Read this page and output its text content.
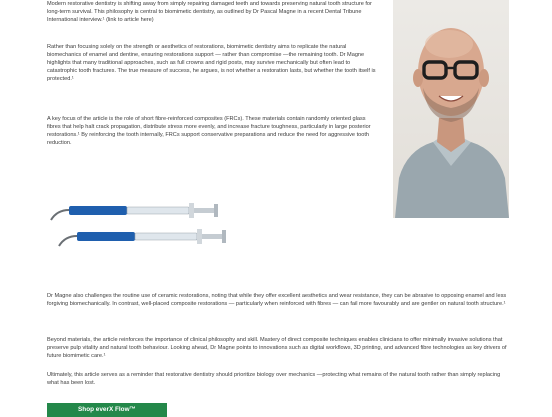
Modern restorative dentistry is shifting away from simply repairing damaged teeth and towards preserving natural tooth structure for long-term survival. This philosophy is central to biomimetic dentistry, as outlined by Dr Pascal Magne in a recent Dental Tribune International interview.¹ (link to article here)

Rather than focusing solely on the strength or aesthetics of restorations, biomimetic dentistry aims to replicate the natural biomechanics of enamel and dentine, ensuring restorations support — rather than compromise —the remaining tooth. Dr Magne highlights that many traditional approaches, such as full crowns and rigid posts, may survive mechanically but often lead to catastrophic tooth fractures. The true measure of success, he argues, is not whether a restoration lasts, but whether the tooth itself is protected.¹

A key focus of the article is the role of short fibre-reinforced composites (FRCs). These materials contain randomly oriented glass fibres that help halt crack propagation, distribute stress more evenly, and increase fracture toughness, particularly in large posterior restorations.¹ By reinforcing the tooth internally, FRCs support conservative preparations and reduce the need for aggressive tooth reduction.

Dr Magne also challenges the routine use of ceramic restorations, noting that while they offer excellent aesthetics and wear resistance, they can be abrasive to opposing enamel and less forgiving biomechanically. In contrast, well-placed composite restorations — particularly when reinforced with fibres — can fail more favourably and are gentler on natural tooth structure.¹

Beyond materials, the article reinforces the importance of clinical philosophy and skill. Mastery of direct composite techniques enables clinicians to offer minimally invasive solutions that preserve pulp vitality and natural tooth behaviour. Looking ahead, Dr Magne points to innovations such as digital workflows, 3D printing, and advanced fibre technologies as key drivers of future biomimetic care.¹

Ultimately, this article serves as a reminder that restorative dentistry should prioritize biology over mechanics —protecting what remains of the natural tooth rather than simply replacing what has been lost.

Shop everX Flow™
